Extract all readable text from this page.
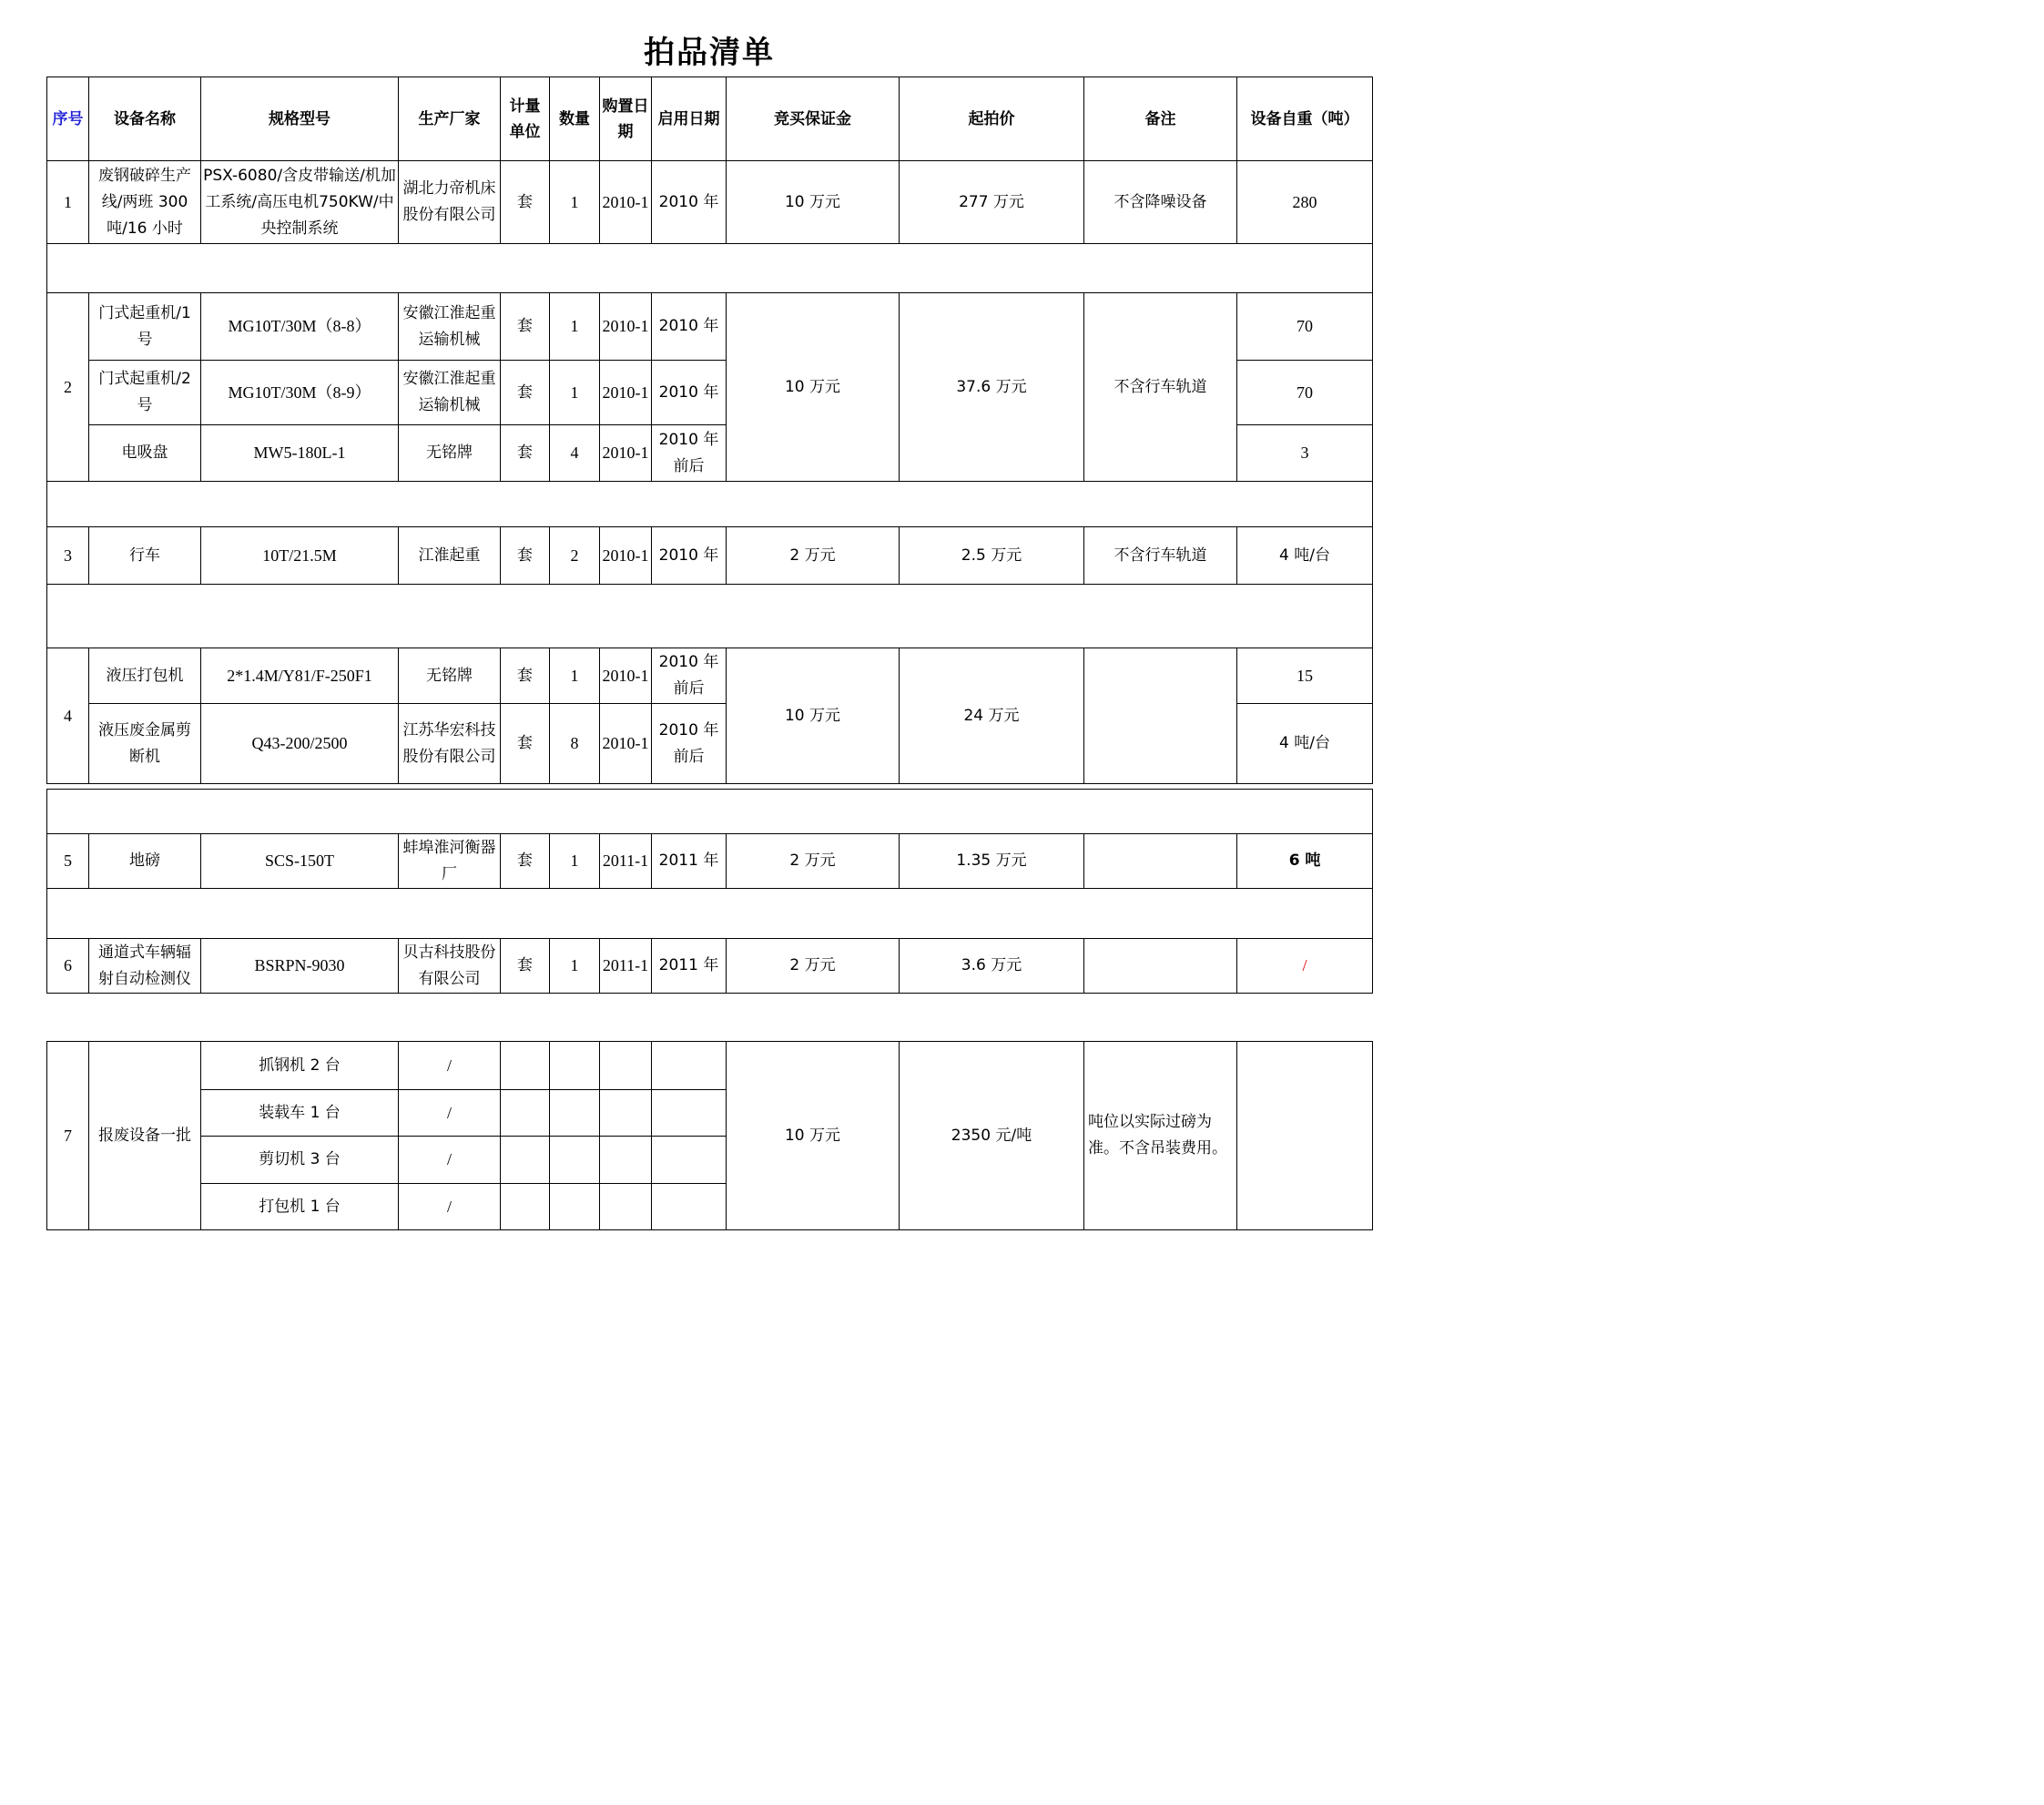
拍品清单
序号	设备名称	规格型号	生产厂家	计量单位	数量	购置日期	启用日期	竞买保证金	起拍价	备注	设备自重（吨）
1	废钢破碎生产线/两班 300 吨/16 小时	PSX-6080/含皮带输送/机加工系统/高压电机750KW/中央控制系统	湖北力帝机床股份有限公司	套	1	2010-1	2010 年	10 万元	277 万元	不含降噪设备	280

2	门式起重机/1号	MG10T/30M（8-8）	安徽江淮起重运输机械	套	1	2010-1	2010 年	10 万元	37.6 万元	不含行车轨道	70
	门式起重机/2号	MG10T/30M（8-9）	安徽江淮起重运输机械	套	1	2010-1	2010 年				70
	电吸盘	MW5-180L-1	无铭牌	套	4	2010-1	2010 年前后				3

3	行车	10T/21.5M	江淮起重	套	2	2010-1	2010 年	2 万元	2.5 万元	不含行车轨道	4 吨/台

4	液压打包机	2*1.4M/Y81/F-250F1	无铭牌	套	1	2010-1	2010 年前后	10 万元	24 万元		15
	液压废金属剪断机	Q43-200/2500	江苏华宏科技股份有限公司	套	8	2010-1	2010 年前后				4 吨/台

5	地磅	SCS-150T	蚌埠淮河衡器厂	套	1	2011-1	2011 年	2 万元	1.35 万元		6 吨

6	通道式车辆辐射自动检测仪	BSRPN-9030	贝古科技股份有限公司	套	1	2011-1	2011 年	2 万元	3.6 万元		/
7	报废设备一批	抓钢机 2 台	/					10 万元	2350 元/吨	吨位以实际过磅为准。不含吊装费用。	
		装载车 1 台	/								
		剪切机 3 台	/								
		打包机 1 台	/								
